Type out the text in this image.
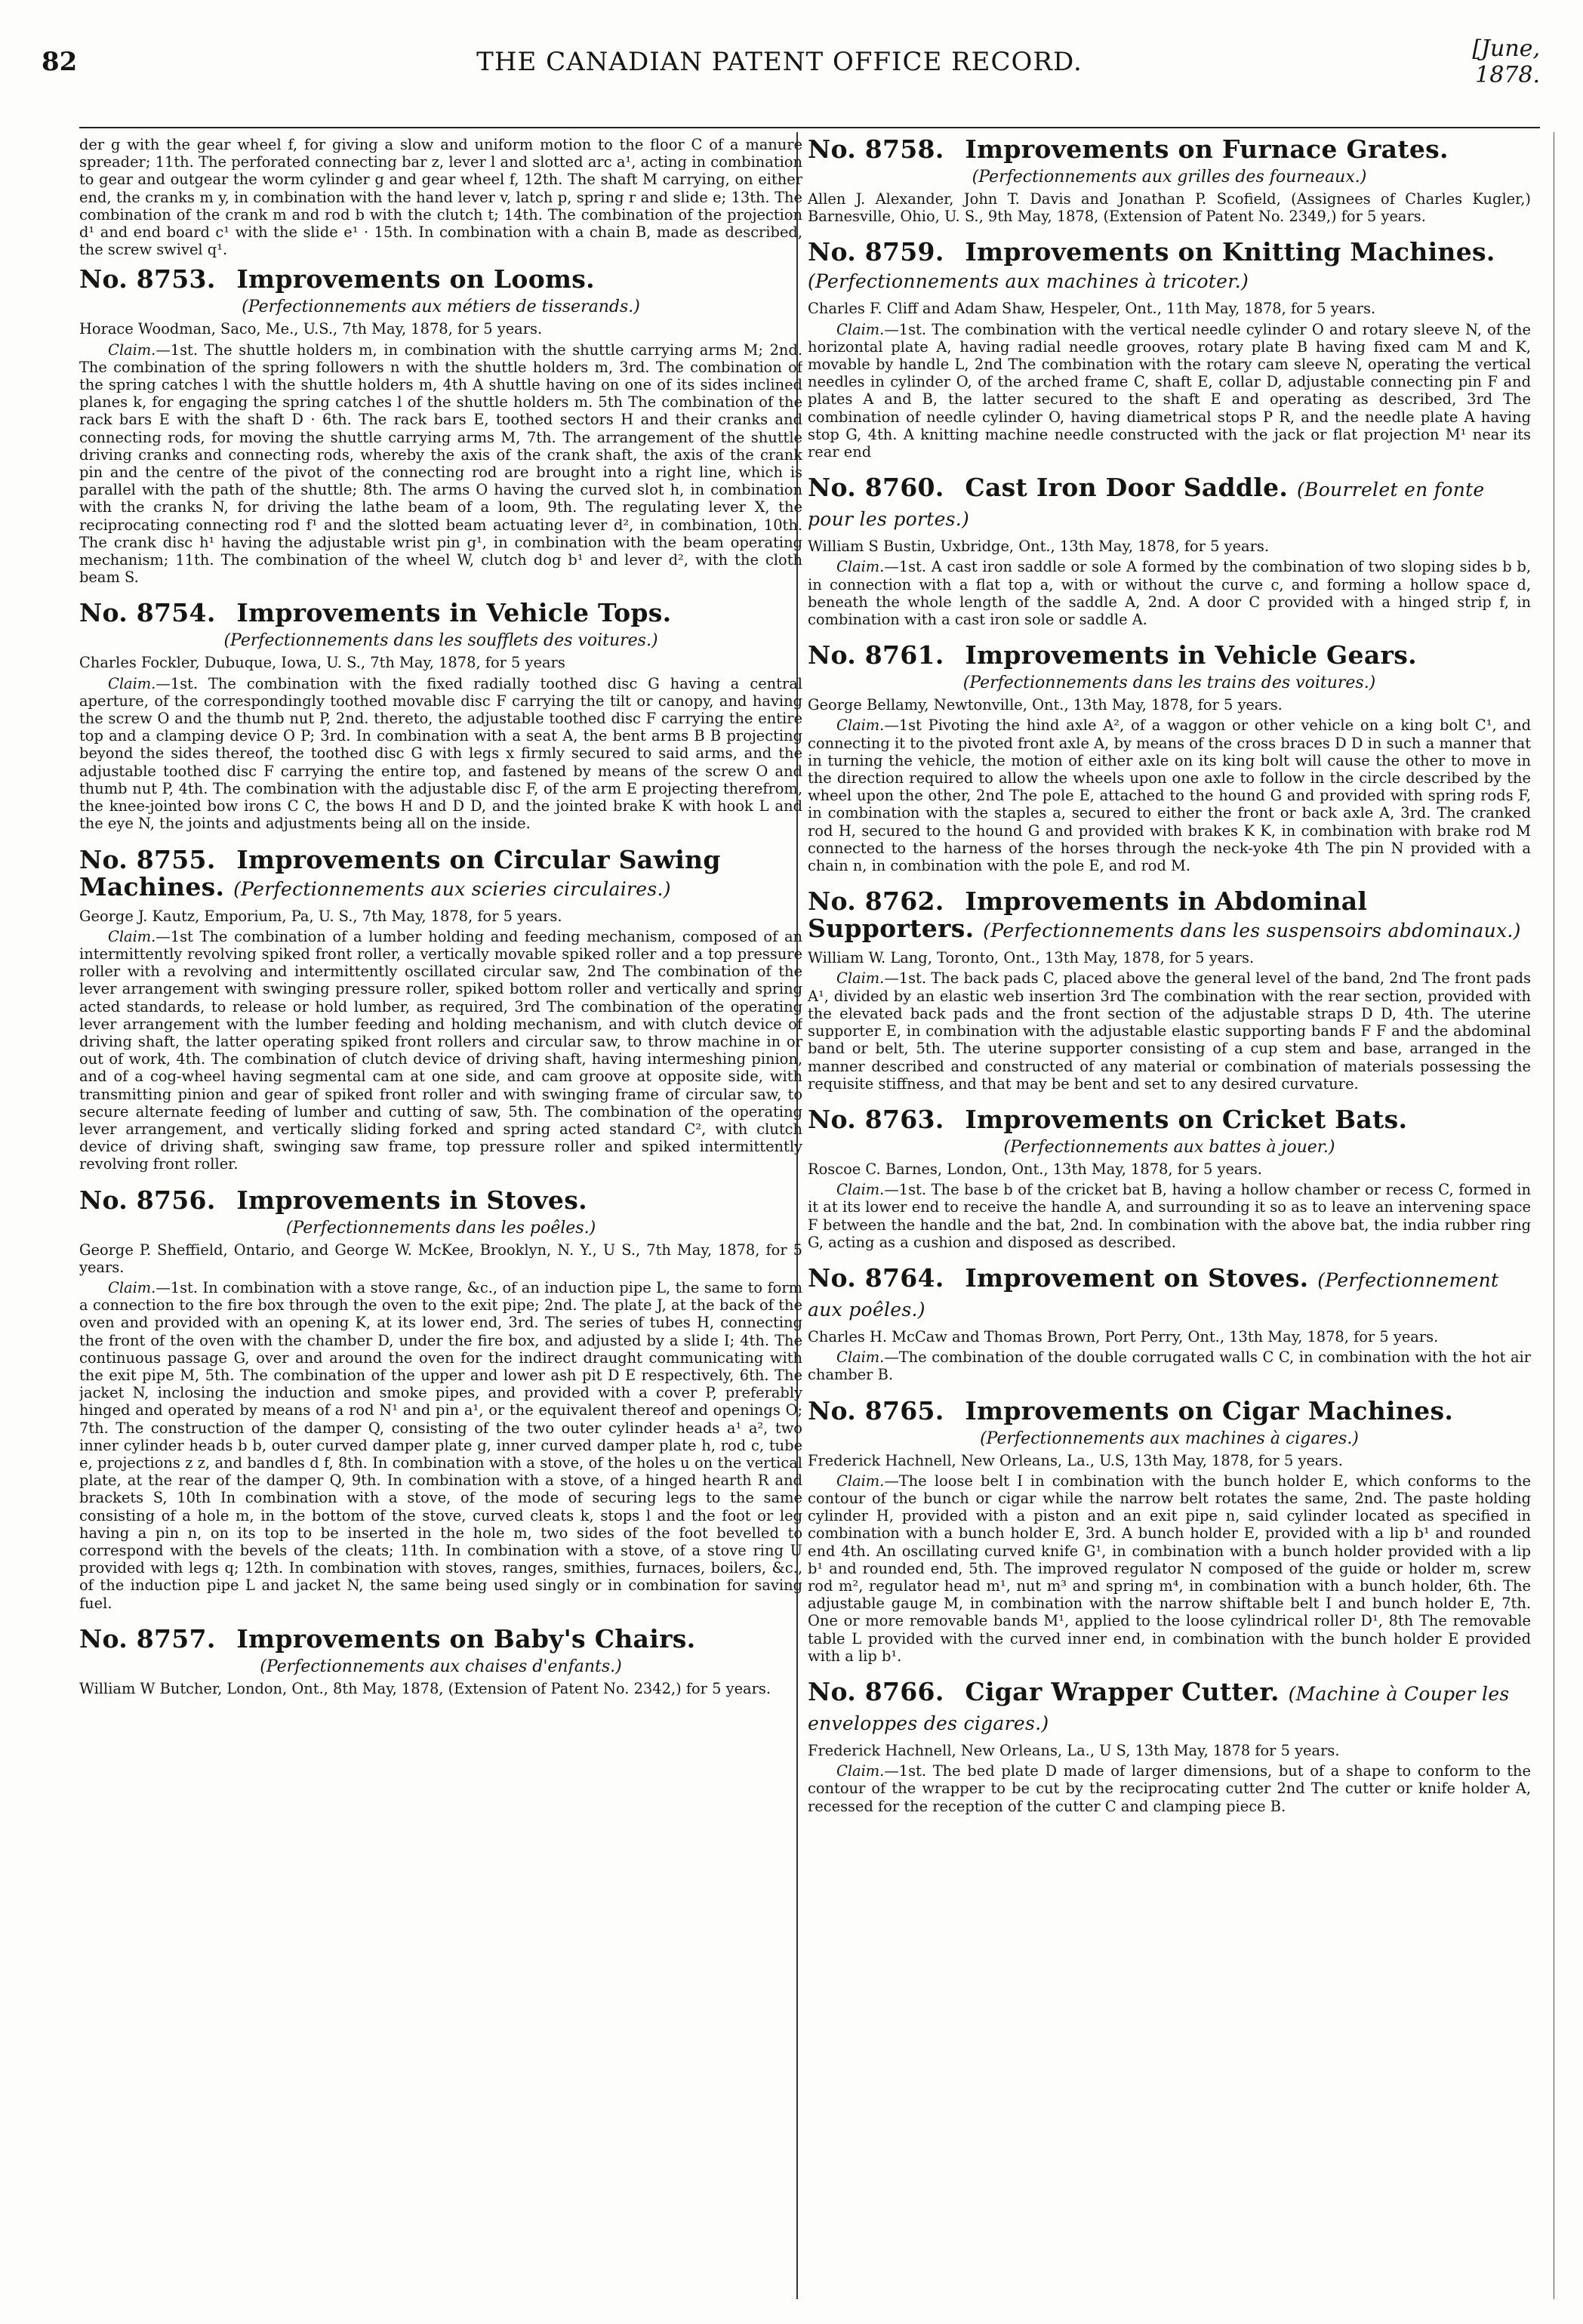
82	THE CANADIAN PATENT OFFICE RECORD.	[June, 1878.

der g with the gear wheel f, for giving a slow and uniform motion to the floor C of a manure spreader; 11th. The perforated connecting bar z, lever l and slotted arc a¹, acting in combination to gear and outgear the worm cylinder g and gear wheel f, 12th. The shaft M carrying, on either end, the cranks m y, in combination with the hand lever v, latch p, spring r and slide e; 13th. The combination of the crank m and rod b with the clutch t; 14th. The combination of the projection d¹ and end board c¹ with the slide e¹ · 15th. In combination with a chain B, made as described, the screw swivel q¹.

No. 8753. Improvements on Looms.

(Perfectionnements aux métiers de tisserands.)

Horace Woodman, Saco, Me., U.S., 7th May, 1878, for 5 years.

Claim.—1st. The shuttle holders m, in combination with the shuttle carrying arms M; 2nd. The combination of the spring followers n with the shuttle holders m, 3rd. The combination of the spring catches l with the shuttle holders m, 4th A shuttle having on one of its sides inclined planes k, for engaging the spring catches l of the shuttle holders m. 5th The combination of the rack bars E with the shaft D · 6th. The rack bars E, toothed sectors H and their cranks and connecting rods, for moving the shuttle carrying arms M, 7th. The arrangement of the shuttle driving cranks and connecting rods, whereby the axis of the crank shaft, the axis of the crank pin and the centre of the pivot of the connecting rod are brought into a right line, which is parallel with the path of the shuttle; 8th. The arms O having the curved slot h, in combination with the cranks N, for driving the lathe beam of a loom, 9th. The regulating lever X, the reciprocating connecting rod f¹ and the slotted beam actuating lever d², in combination, 10th. The crank disc h¹ having the adjustable wrist pin g¹, in combination with the beam operating mechanism; 11th. The combination of the wheel W, clutch dog b¹ and lever d², with the cloth beam S.

No. 8754. Improvements in Vehicle Tops.

(Perfectionnements dans les soufflets des voitures.)

Charles Fockler, Dubuque, Iowa, U. S., 7th May, 1878, for 5 years

Claim.—1st. The combination with the fixed radially toothed disc G having a central aperture, of the correspondingly toothed movable disc F carrying the tilt or canopy, and having the screw O and the thumb nut P, 2nd. thereto, the adjustable toothed disc F carrying the entire top and a clamping device O P; 3rd. In combination with a seat A, the bent arms B B projecting beyond the sides thereof, the toothed disc G with legs x firmly secured to said arms, and the adjustable toothed disc F carrying the entire top, and fastened by means of the screw O and thumb nut P, 4th. The combination with the adjustable disc F, of the arm E projecting therefrom, the knee-jointed bow irons C C, the bows H and D D, and the jointed brake K with hook L and the eye N, the joints and adjustments being all on the inside.

No. 8755. Improvements on Circular Sawing Machines. (Perfectionnements aux scieries circulaires.)

George J. Kautz, Emporium, Pa, U. S., 7th May, 1878, for 5 years.

Claim.—1st The combination of a lumber holding and feeding mechanism, composed of an intermittently revolving spiked front roller, a vertically movable spiked roller and a top pressure roller with a revolving and intermittently oscillated circular saw, 2nd The combination of the lever arrangement with swinging pressure roller, spiked bottom roller and vertically and spring acted standards, to release or hold lumber, as required, 3rd The combination of the operating lever arrangement with the lumber feeding and holding mechanism, and with clutch device of driving shaft, the latter operating spiked front rollers and circular saw, to throw machine in or out of work, 4th. The combination of clutch device of driving shaft, having intermeshing pinion, and of a cog-wheel having segmental cam at one side, and cam groove at opposite side, with transmitting pinion and gear of spiked front roller and with swinging frame of circular saw, to secure alternate feeding of lumber and cutting of saw, 5th. The combination of the operating lever arrangement, and vertically sliding forked and spring acted standard C², with clutch device of driving shaft, swinging saw frame, top pressure roller and spiked intermittently revolving front roller.

No. 8756. Improvements in Stoves.

(Perfectionnements dans les poêles.)

George P. Sheffield, Ontario, and George W. McKee, Brooklyn, N. Y., U S., 7th May, 1878, for 5 years.

Claim.—1st. In combination with a stove range, &c., of an induction pipe L, the same to form a connection to the fire box through the oven to the exit pipe; 2nd. The plate J, at the back of the oven and provided with an opening K, at its lower end, 3rd. The series of tubes H, connecting the front of the oven with the chamber D, under the fire box, and adjusted by a slide I; 4th. The continuous passage G, over and around the oven for the indirect draught communicating with the exit pipe M, 5th. The combination of the upper and lower ash pit D E respectively, 6th. The jacket N, inclosing the induction and smoke pipes, and provided with a cover P, preferably hinged and operated by means of a rod N¹ and pin a¹, or the equivalent thereof and openings O; 7th. The construction of the damper Q, consisting of the two outer cylinder heads a¹ a², two inner cylinder heads b b, outer curved damper plate g, inner curved damper plate h, rod c, tube e, projections z z, and bandles d f, 8th. In combination with a stove, of the holes u on the vertical plate, at the rear of the damper Q, 9th. In combination with a stove, of a hinged hearth R and brackets S, 10th In combination with a stove, of the mode of securing legs to the same consisting of a hole m, in the bottom of the stove, curved cleats k, stops l and the foot or leg having a pin n, on its top to be inserted in the hole m, two sides of the foot bevelled to correspond with the bevels of the cleats; 11th. In combination with a stove, of a stove ring U provided with legs q; 12th. In combination with stoves, ranges, smithies, furnaces, boilers, &c., of the induction pipe L and jacket N, the same being used singly or in combination for saving fuel.

No. 8757. Improvements on Baby's Chairs.

(Perfectionnements aux chaises d'enfants.)

William W Butcher, London, Ont., 8th May, 1878, (Extension of Patent No. 2342,) for 5 years.

No. 8758. Improvements on Furnace Grates.

(Perfectionnements aux grilles des fourneaux.)

Allen J. Alexander, John T. Davis and Jonathan P. Scofield, (Assignees of Charles Kugler,) Barnesville, Ohio, U. S., 9th May, 1878, (Extension of Patent No. 2349,) for 5 years.

No. 8759. Improvements on Knitting Machines. (Perfectionnements aux machines à tricoter.)

Charles F. Cliff and Adam Shaw, Hespeler, Ont., 11th May, 1878, for 5 years.

Claim.—1st. The combination with the vertical needle cylinder O and rotary sleeve N, of the horizontal plate A, having radial needle grooves, rotary plate B having fixed cam M and K, movable by handle L, 2nd The combination with the rotary cam sleeve N, operating the vertical needles in cylinder O, of the arched frame C, shaft E, collar D, adjustable connecting pin F and plates A and B, the latter secured to the shaft E and operating as described, 3rd The combination of needle cylinder O, having diametrical stops P R, and the needle plate A having stop G, 4th. A knitting machine needle constructed with the jack or flat projection M¹ near its rear end

No. 8760. Cast Iron Door Saddle. (Bourrelet en fonte pour les portes.)

William S Bustin, Uxbridge, Ont., 13th May, 1878, for 5 years.

Claim.—1st. A cast iron saddle or sole A formed by the combination of two sloping sides b b, in connection with a flat top a, with or without the curve c, and forming a hollow space d, beneath the whole length of the saddle A, 2nd. A door C provided with a hinged strip f, in combination with a cast iron sole or saddle A.

No. 8761. Improvements in Vehicle Gears.

(Perfectionnements dans les trains des voitures.)

George Bellamy, Newtonville, Ont., 13th May, 1878, for 5 years.

Claim.—1st Pivoting the hind axle A², of a waggon or other vehicle on a king bolt C¹, and connecting it to the pivoted front axle A, by means of the cross braces D D in such a manner that in turning the vehicle, the motion of either axle on its king bolt will cause the other to move in the direction required to allow the wheels upon one axle to follow in the circle described by the wheel upon the other, 2nd The pole E, attached to the hound G and provided with spring rods F, in combination with the staples a, secured to either the front or back axle A, 3rd. The cranked rod H, secured to the hound G and provided with brakes K K, in combination with brake rod M connected to the harness of the horses through the neck-yoke 4th The pin N provided with a chain n, in combination with the pole E, and rod M.

No. 8762. Improvements in Abdominal Supporters. (Perfectionnements dans les suspensoirs abdominaux.)

William W. Lang, Toronto, Ont., 13th May, 1878, for 5 years.

Claim.—1st. The back pads C, placed above the general level of the band, 2nd The front pads A¹, divided by an elastic web insertion 3rd The combination with the rear section, provided with the elevated back pads and the front section of the adjustable straps D D, 4th. The uterine supporter E, in combination with the adjustable elastic supporting bands F F and the abdominal band or belt, 5th. The uterine supporter consisting of a cup stem and base, arranged in the manner described and constructed of any material or combination of materials possessing the requisite stiffness, and that may be bent and set to any desired curvature.

No. 8763. Improvements on Cricket Bats.

(Perfectionnements aux battes à jouer.)

Roscoe C. Barnes, London, Ont., 13th May, 1878, for 5 years.

Claim.—1st. The base b of the cricket bat B, having a hollow chamber or recess C, formed in it at its lower end to receive the handle A, and surrounding it so as to leave an intervening space F between the handle and the bat, 2nd. In combination with the above bat, the india rubber ring G, acting as a cushion and disposed as described.

No. 8764. Improvement on Stoves. (Perfectionnement aux poêles.)

Charles H. McCaw and Thomas Brown, Port Perry, Ont., 13th May, 1878, for 5 years.

Claim.—The combination of the double corrugated walls C C, in combination with the hot air chamber B.

No. 8765. Improvements on Cigar Machines.

(Perfectionnements aux machines à cigares.)

Frederick Hachnell, New Orleans, La., U.S, 13th May, 1878, for 5 years.

Claim.—The loose belt I in combination with the bunch holder E, which conforms to the contour of the bunch or cigar while the narrow belt rotates the same, 2nd. The paste holding cylinder H, provided with a piston and an exit pipe n, said cylinder located as specified in combination with a bunch holder E, 3rd. A bunch holder E, provided with a lip b¹ and rounded end 4th. An oscillating curved knife G¹, in combination with a bunch holder provided with a lip b¹ and rounded end, 5th. The improved regulator N composed of the guide or holder m, screw rod m², regulator head m¹, nut m³ and spring m⁴, in combination with a bunch holder, 6th. The adjustable gauge M, in combination with the narrow shiftable belt I and bunch holder E, 7th. One or more removable bands M¹, applied to the loose cylindrical roller D¹, 8th The removable table L provided with the curved inner end, in combination with the bunch holder E provided with a lip b¹.

No. 8766. Cigar Wrapper Cutter. (Machine à Couper les enveloppes des cigares.)

Frederick Hachnell, New Orleans, La., U S, 13th May, 1878 for 5 years.

Claim.—1st. The bed plate D made of larger dimensions, but of a shape to conform to the contour of the wrapper to be cut by the reciprocating cutter 2nd The cutter or knife holder A, recessed for the reception of the cutter C and clamping piece B.
